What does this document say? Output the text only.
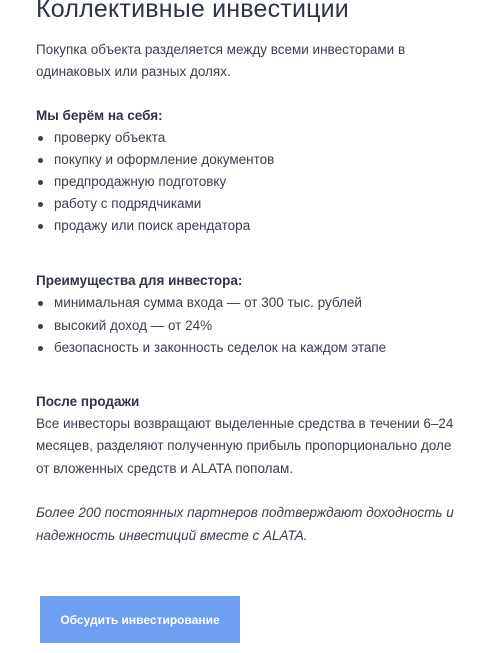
Коллективные инвестиции

Покупка объекта разделяется между всеми инвесторами в одинаковых или разных долях.

Мы берём на себя:

проверку объекта
покупку и оформление документов
предпродажную подготовку
работу с подрядчиками
продажу или поиск арендатора

Преимущества для инвестора:

минимальная сумма входа — от 300 тыс. рублей
высокий доход — от 24%
безопасность и законность седелок на каждом этапе

После продажи

Все инвесторы возвращают выделенные средства в течении 6–24 месяцев, разделяют полученную прибыль пропорционально доле от вложенных средств и ALATA пополам.

Более 200 постоянных партнеров подтверждают доходность и надежность инвестиций вместе с ALATA.

Обсудить инвестирование
